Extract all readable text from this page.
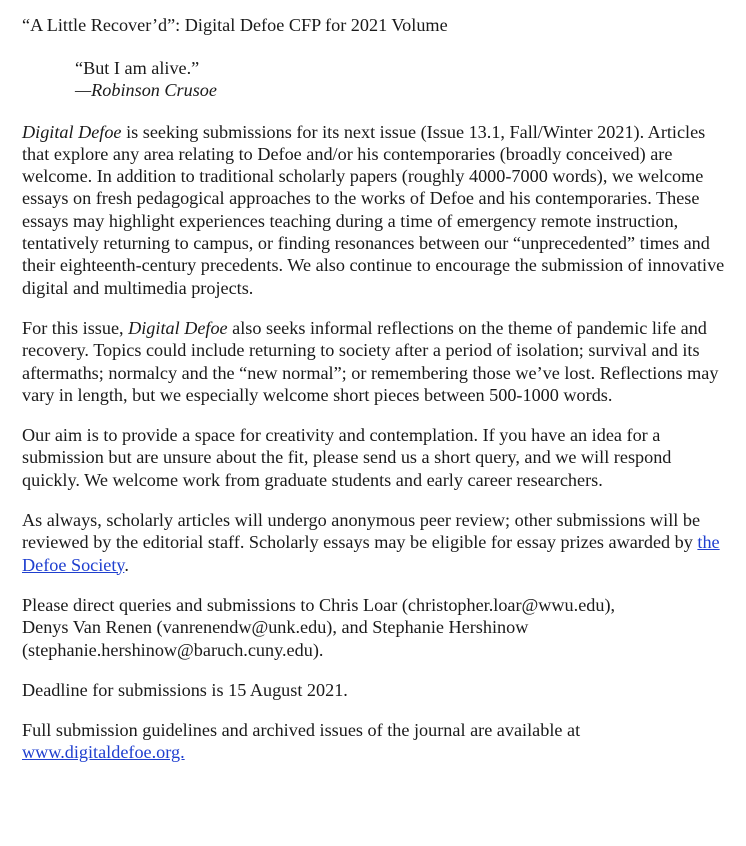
“A Little Recover’d”: Digital Defoe CFP for 2021 Volume

“But I am alive.”

—Robinson Crusoe

Digital Defoe is seeking submissions for its next issue (Issue 13.1, Fall/Winter 2021). Articles that explore any area relating to Defoe and/or his contemporaries (broadly conceived) are welcome. In addition to traditional scholarly papers (roughly 4000-7000 words), we welcome essays on fresh pedagogical approaches to the works of Defoe and his contemporaries. These essays may highlight experiences teaching during a time of emergency remote instruction, tentatively returning to campus, or finding resonances between our “unprecedented” times and their eighteenth-century precedents. We also continue to encourage the submission of innovative digital and multimedia projects.

For this issue, Digital Defoe also seeks informal reflections on the theme of pandemic life and recovery. Topics could include returning to society after a period of isolation; survival and its aftermaths; normalcy and the “new normal”; or remembering those we’ve lost. Reflections may vary in length, but we especially welcome short pieces between 500-1000 words.

Our aim is to provide a space for creativity and contemplation. If you have an idea for a submission but are unsure about the fit, please send us a short query, and we will respond quickly. We welcome work from graduate students and early career researchers.

As always, scholarly articles will undergo anonymous peer review; other submissions will be reviewed by the editorial staff. Scholarly essays may be eligible for essay prizes awarded by the Defoe Society.

Please direct queries and submissions to Chris Loar (christopher.loar@wwu.edu),
Denys Van Renen (vanrenendw@unk.edu), and Stephanie Hershinow
(stephanie.hershinow@baruch.cuny.edu).

Deadline for submissions is 15 August 2021.

Full submission guidelines and archived issues of the journal are available at
www.digitaldefoe.org.
